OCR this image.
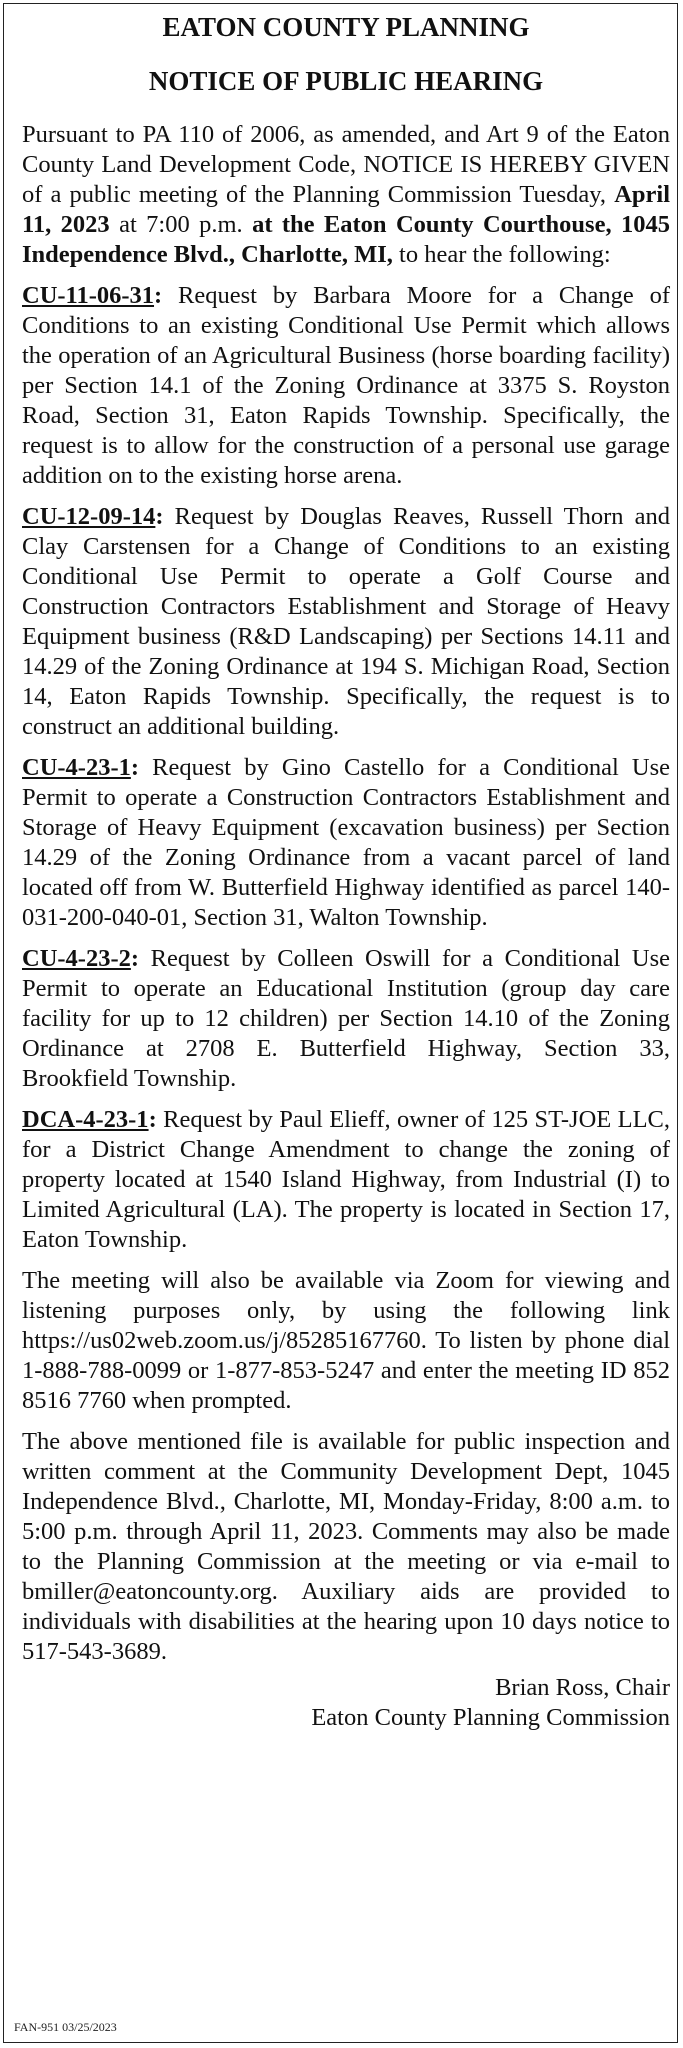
EATON COUNTY PLANNING
NOTICE OF PUBLIC HEARING

Pursuant to PA 110 of 2006, as amended, and Art 9 of the Eaton County Land Development Code, NOTICE IS HEREBY GIVEN of a public meeting of the Planning Commission Tuesday, April 11, 2023 at 7:00 p.m. at the Eaton County Courthouse, 1045 Independence Blvd., Charlotte, MI, to hear the following:

CU-11-06-31: Request by Barbara Moore for a Change of Conditions to an existing Conditional Use Permit which allows the operation of an Agricultural Business (horse boarding facility) per Section 14.1 of the Zoning Ordinance at 3375 S. Royston Road, Section 31, Eaton Rapids Township. Specifically, the request is to allow for the construction of a personal use garage addition on to the existing horse arena.

CU-12-09-14: Request by Douglas Reaves, Russell Thorn and Clay Carstensen for a Change of Conditions to an existing Conditional Use Permit to operate a Golf Course and Construction Contractors Establishment and Storage of Heavy Equipment business (R&D Landscaping) per Sections 14.11 and 14.29 of the Zoning Ordinance at 194 S. Michigan Road, Section 14, Eaton Rapids Township. Specifically, the request is to construct an additional building.

CU-4-23-1: Request by Gino Castello for a Conditional Use Permit to operate a Construction Contractors Establishment and Storage of Heavy Equipment (excavation business) per Section 14.29 of the Zoning Ordinance from a vacant parcel of land located off from W. Butterfield Highway identified as parcel 140-031-200-040-01, Section 31, Walton Township.

CU-4-23-2: Request by Colleen Oswill for a Conditional Use Permit to operate an Educational Institution (group day care facility for up to 12 children) per Section 14.10 of the Zoning Ordinance at 2708 E. Butterfield Highway, Section 33, Brookfield Township.

DCA-4-23-1: Request by Paul Elieff, owner of 125 ST-JOE LLC, for a District Change Amendment to change the zoning of property located at 1540 Island Highway, from Industrial (I) to Limited Agricultural (LA). The property is located in Section 17, Eaton Township.

The meeting will also be available via Zoom for viewing and listening purposes only, by using the following link https://us02web.zoom.us/j/85285167760. To listen by phone dial 1-888-788-0099 or 1-877-853-5247 and enter the meeting ID 852 8516 7760 when prompted.

The above mentioned file is available for public inspection and written comment at the Community Development Dept, 1045 Independence Blvd., Charlotte, MI, Monday-Friday, 8:00 a.m. to 5:00 p.m. through April 11, 2023. Comments may also be made to the Planning Commission at the meeting or via e-mail to bmiller@eatoncounty.org. Auxiliary aids are provided to individuals with disabilities at the hearing upon 10 days notice to 517-543-3689.

Brian Ross, Chair
Eaton County Planning Commission
FAN-951 03/25/2023
